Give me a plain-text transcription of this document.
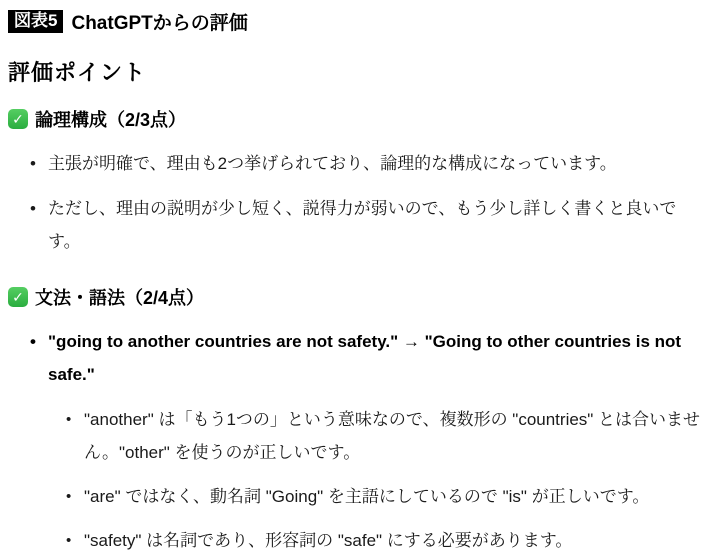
図表5 ChatGPTからの評価
評価ポイント
✓ 論理構成（2/3点）
• 主張が明確で、理由も2つ挙げられており、論理的な構成になっています。
• ただし、理由の説明が少し短く、説得力が弱いので、もう少し詳しく書くと良いです。
✓ 文法・語法（2/4点）
• "going to another countries are not safety." → "Going to other countries is not safe."
• "another" は「もう1つの」という意味なので、複数形の "countries" とは合いません。"other" を使うのが正しいです。
• "are" ではなく、動名詞 "Going" を主語にしているので "is" が正しいです。
• "safety" は名詞であり、形容詞の "safe" にする必要があります。
